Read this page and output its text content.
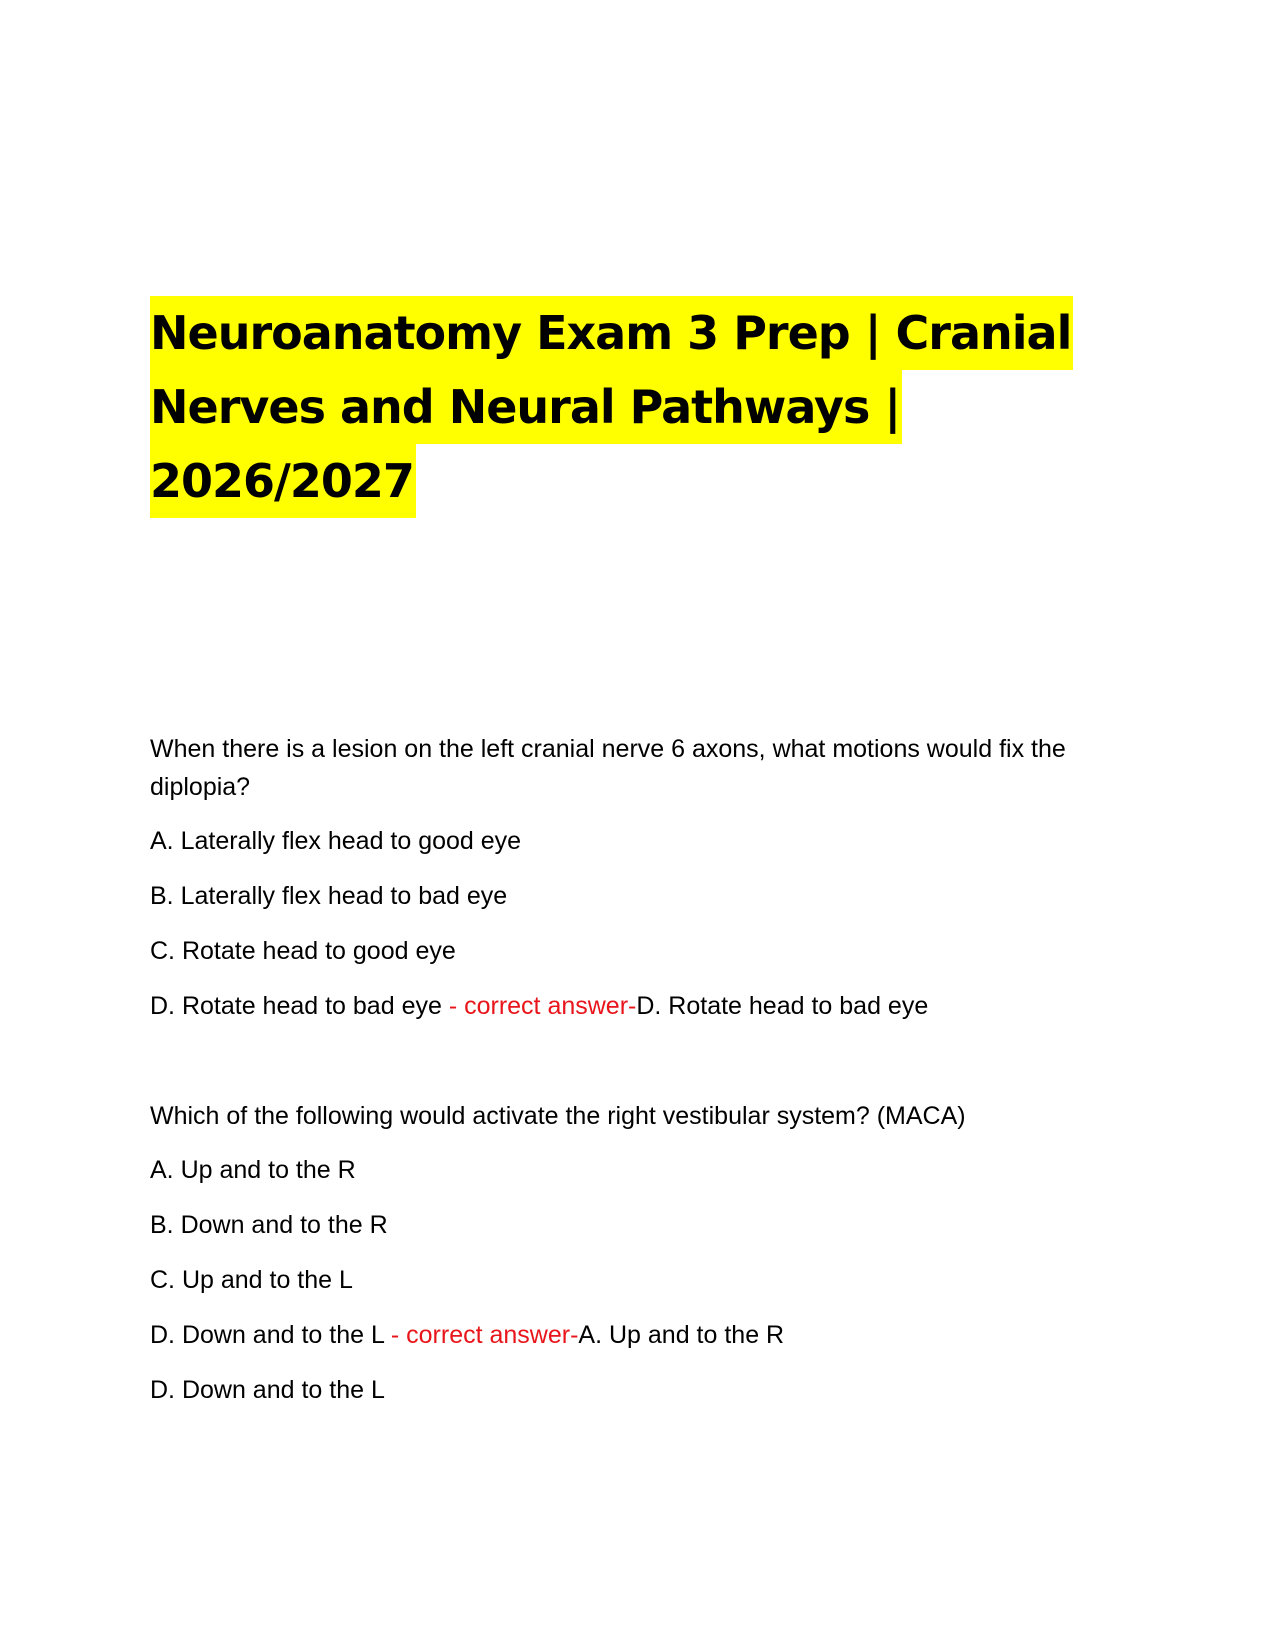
Neuroanatomy Exam 3 Prep | Cranial
Nerves and Neural Pathways |
2026/2027
When there is a lesion on the left cranial nerve 6 axons, what motions would fix the diplopia?
A. Laterally flex head to good eye
B. Laterally flex head to bad eye
C. Rotate head to good eye
D. Rotate head to bad eye - correct answer-D. Rotate head to bad eye
Which of the following would activate the right vestibular system? (MACA)
A. Up and to the R
B. Down and to the R
C. Up and to the L
D. Down and to the L - correct answer-A. Up and to the R
D. Down and to the L
